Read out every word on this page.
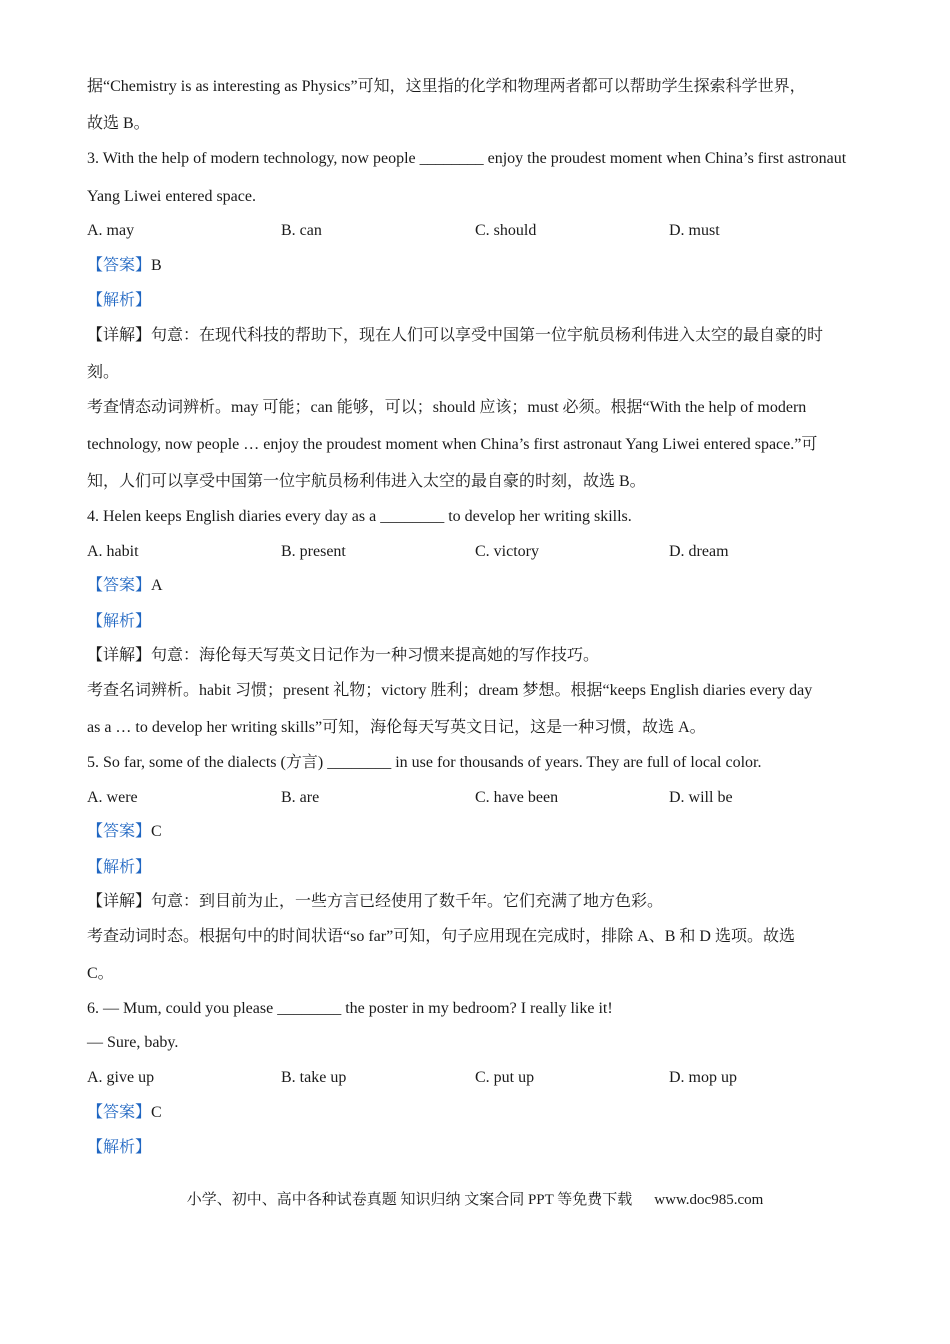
据“Chemistry is as interesting as Physics”可知，这里指的化学和物理两者都可以帮助学生探索科学世界，
故选 B。
3. With the help of modern technology, now people ________ enjoy the proudest moment when China’s first astronaut
Yang Liwei entered space.
A. may	B. can	C. should	D. must
【答案】B
【解析】
【详解】句意：在现代科技的帮助下，现在人们可以享受中国第一位宇航员杨利伟进入太空的最自豪的时
刻。
考查情态动词辨析。may 可能；can 能够，可以；should 应该；must 必须。根据“With the help of modern
technology, now people … enjoy the proudest moment when China’s first astronaut Yang Liwei entered space.”可
知，人们可以享受中国第一位宇航员杨利伟进入太空的最自豪的时刻，故选 B。
4. Helen keeps English diaries every day as a ________ to develop her writing skills.
A. habit	B. present	C. victory	D. dream
【答案】A
【解析】
【详解】句意：海伦每天写英文日记作为一种习惯来提高她的写作技巧。
考查名词辨析。habit 习惯；present 礼物；victory 胜利；dream 梦想。根据“keeps English diaries every day
as a … to develop her writing skills”可知，海伦每天写英文日记，这是一种习惯，故选 A。
5. So far, some of the dialects (方言) ________ in use for thousands of years. They are full of local color.
A. were	B. are	C. have been	D. will be
【答案】C
【解析】
【详解】句意：到目前为止，一些方言已经使用了数千年。它们充满了地方色彩。
考查动词时态。根据句中的时间状语“so far”可知，句子应用现在完成时，排除 A、B 和 D 选项。故选
C。
6. — Mum, could you please ________ the poster in my bedroom? I really like it!
— Sure, baby.
A. give up	B. take up	C. put up	D. mop up
【答案】C
【解析】
小学、初中、高中各种试卷真题 知识归纳 文案合同 PPT 等免费下载 www.doc985.com
